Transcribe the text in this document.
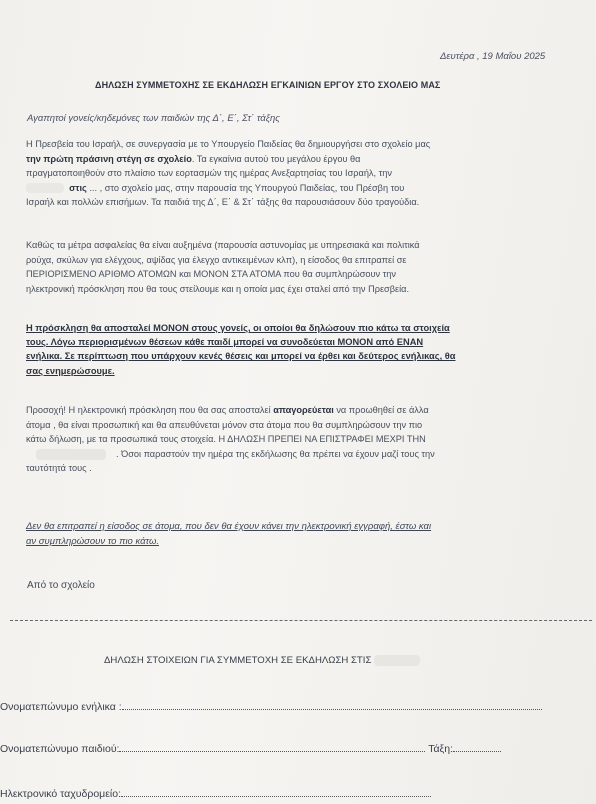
Δευτέρα , 19 Μαΐου 2025
ΔΗΛΩΣΗ ΣΥΜΜΕΤΟΧΗΣ ΣΕ ΕΚΔΗΛΩΣΗ ΕΓΚΑΙΝΙΩΝ ΕΡΓΟΥ ΣΤΟ ΣΧΟΛΕΙΟ ΜΑΣ
Αγαπητοί γονείς/κηδεμόνες των παιδιών της Δ΄, Ε΄, Στ΄ τάξης
Η Πρεσβεία του Ισραήλ, σε συνεργασία με το Υπουργείο Παιδείας θα δημιουργήσει στο σχολείο μας
την πρώτη πράσινη στέγη σε σχολείο. Τα εγκαίνια αυτού του μεγάλου έργου θα
πραγματοποιηθούν στο πλαίσιο των εορτασμών της ημέρας Ανεξαρτησίας του Ισραήλ, την
στις ... , στο σχολείο μας, στην παρουσία της Υπουργού Παιδείας, του Πρέσβη του
Ισραήλ και πολλών επισήμων. Τα παιδιά της Δ΄, Ε΄ & Στ΄ τάξης θα παρουσιάσουν δύο τραγούδια.
Καθώς τα μέτρα ασφαλείας θα είναι αυξημένα (παρουσία αστυνομίας με υπηρεσιακά και πολιτικά
ρούχα, σκύλων για ελέγχους, αψίδας για έλεγχο αντικειμένων κλπ), η είσοδος θα επιτραπεί σε
ΠΕΡΙΟΡΙΣΜΕΝΟ ΑΡΙΘΜΟ ΑΤΟΜΩΝ και ΜΟΝΟΝ ΣΤΑ ΑΤΟΜΑ που θα συμπληρώσουν την
ηλεκτρονική πρόσκληση που θα τους στείλουμε και η οποία μας έχει σταλεί από την Πρεσβεία.
Η πρόσκληση θα αποσταλεί ΜΟΝΟΝ στους γονείς, οι οποίοι θα δηλώσουν πιο κάτω τα στοιχεία
τους. Λόγω περιορισμένων θέσεων κάθε παιδί μπορεί να συνοδεύεται ΜΟΝΟΝ από ΕΝΑΝ
ενήλικα. Σε περίπτωση που υπάρχουν κενές θέσεις και μπορεί να έρθει και δεύτερος ενήλικας, θα
σας ενημερώσουμε.
Προσοχή! Η ηλεκτρονική πρόσκληση που θα σας αποσταλεί απαγορεύεται να προωθηθεί σε άλλα
άτομα , θα είναι προσωπική και θα απευθύνεται μόνον στα άτομα που θα συμπληρώσουν την πιο
κάτω δήλωση, με τα προσωπικά τους στοιχεία. Η ΔΗΛΩΣΗ ΠΡΕΠΕΙ ΝΑ ΕΠΙΣΤΡΑΦΕΙ ΜΕΧΡΙ ΤΗΝ
. Όσοι παραστούν την ημέρα της εκδήλωσης θα πρέπει να έχουν μαζί τους την
ταυτότητά τους .
Δεν θα επιτραπεί η είσοδος σε άτομα, που δεν θα έχουν κάνει την ηλεκτρονική εγγραφή, έστω και
αν συμπληρώσουν το πιο κάτω.
Από το σχολείο
ΔΗΛΩΣΗ ΣΤΟΙΧΕΙΩΝ ΓΙΑ ΣΥΜΜΕΤΟΧΗ ΣΕ ΕΚΔΗΛΩΣΗ ΣΤΙΣ
Ονοματεπώνυμο ενήλικα :
Ονοματεπώνυμο παιδιού:	Τάξη:
Ηλεκτρονικό ταχυδρομείο:
